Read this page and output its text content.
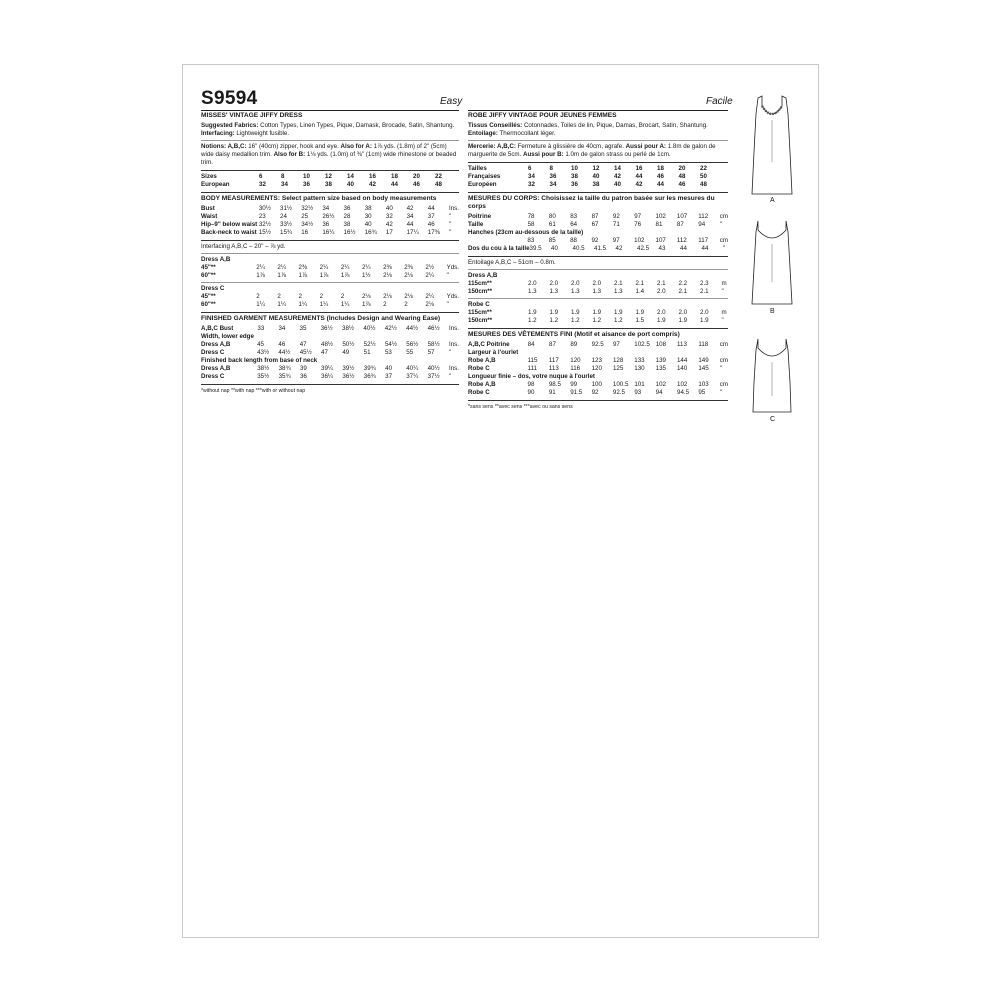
S9594	Easy	Facile

MISSES' VINTAGE JIFFY DRESS

Suggested Fabrics: Cotton Types, Linen Types, Pique, Damask, Brocade, Satin, Shantung. Interfacing: Lightweight fusible.

Notions: A,B,C: 16" (40cm) zipper, hook and eye. Also for A: 1⅞ yds. (1.8m) of 2" (5cm) wide daisy medallion trim. Also for B: 1⅛ yds. (1.0m) of ⅜" (1cm) wide rhinestone or beaded trim.

Sizes	6	8	10	12	14	16	18	20	22
European	32	34	36	38	40	42	44	46	48

BODY MEASUREMENTS: Select pattern size based on body measurements

Bust	30½	31½	32½	34	36	38	40	42	44	Ins.
Waist	23	24	25	26½	28	30	32	34	37	"
Hip–9" below waist	32½	33½	34½	36	38	40	42	44	46	"
Back-neck to waist	15½	15¾	16	16¼	16½	16¾	17	17¼	17⅜	"

Interfacing A,B,C – 20" – ⅞ yd.

Dress A,B

45"**	2¼	2¼	2⅜	2¼	2¼	2¼	2⅜	2⅜	2½	Yds.
60"**	1⅞	1⅞	1⅞	1⅞	1⅞	1½	2⅛	2⅛	2¼	"

Dress C

45"**	2	2	2	2	2	2⅛	2⅛	2⅛	2¼	Yds.
60"**	1¼	1¼	1¼	1¼	1¼	1⅞	2	2	2⅛	"

FINISHED GARMENT MEASUREMENTS (Includes Design and Wearing Ease)

A,B,C Bust	33	34	35	36½	38½	40½	42½	44½	46½	Ins.

Width, lower edge

Dress A,B	45	46	47	48½	50½	52½	54½	56½	58½	Ins.
Dress C	43½	44½	45½	47	49	51	53	55	57	"

Finished back length from base of neck

Dress A,B	38½	38¾	39	39¼	39½	39¾	40	40¼	40½	Ins.
Dress C	35½	35¾	36	36¼	36½	36¾	37	37¼	37½	"

*without nap **with nap ***with or without nap

ROBE JIFFY VINTAGE POUR JEUNES FEMMES

Tissus Conseillés: Cotonnades, Toiles de lin, Pique, Damas, Brocart, Satin, Shantung.
Entoilage: Thermocollant léger.

Mercerie: A,B,C: Fermeture à glissière de 40cm, agrafe. Aussi pour A: 1.8m de galon de marguerite de 5cm. Aussi pour B: 1.0m de galon strass ou perlé de 1cm.

Tailles	6	8	10	12	14	16	18	20	22
Françaises	34	36	38	40	42	44	46	48	50
Européen	32	34	36	38	40	42	44	46	48

MESURES DU CORPS: Choisissez la taille du patron basée sur les mesures du corps

Poitrine	78	80	83	87	92	97	102	107	112	cm
Taille	58	61	64	67	71	76	81	87	94	"

Hanches (23cm au-dessous de la taille)

	83	85	88	92	97	102	107	112	117	cm
Dos du cou à la taille	39.5	40	40.5	41.5	42	42.5	43	44	44	"

Entoilage A,B,C – 51cm – 0.8m.

Dress A,B

115cm**	2.0	2.0	2.0	2.0	2.1	2.1	2.1	2.2	2.3	m
150cm**	1.3	1.3	1.3	1.3	1.3	1.4	2.0	2.1	2.1	"

Robe C

115cm**	1.9	1.9	1.9	1.9	1.9	1.9	2.0	2.0	2.0	m
150cm**	1.2	1.2	1.2	1.2	1.2	1.5	1.9	1.9	1.9	"

MESURES DES VÊTEMENTS FINI (Motif et aisance de port compris)

A,B,C Poitrine	84	87	89	92.5	97	102.5	108	113	118	cm

Largeur à l'ourlet

Robe A,B	115	117	120	123	128	133	139	144	149	cm
Robe C	111	113	116	120	125	130	135	140	145	"

Longueur finie – dos, votre nuque à l'ourlet

Robe A,B	98	98.5	99	100	100.5	101	102	102	103	cm
Robe C	90	91	91.5	92	92.5	93	94	94.5	95	"

*sans sens **avec sens ***avec ou sans sens

A
B
C
